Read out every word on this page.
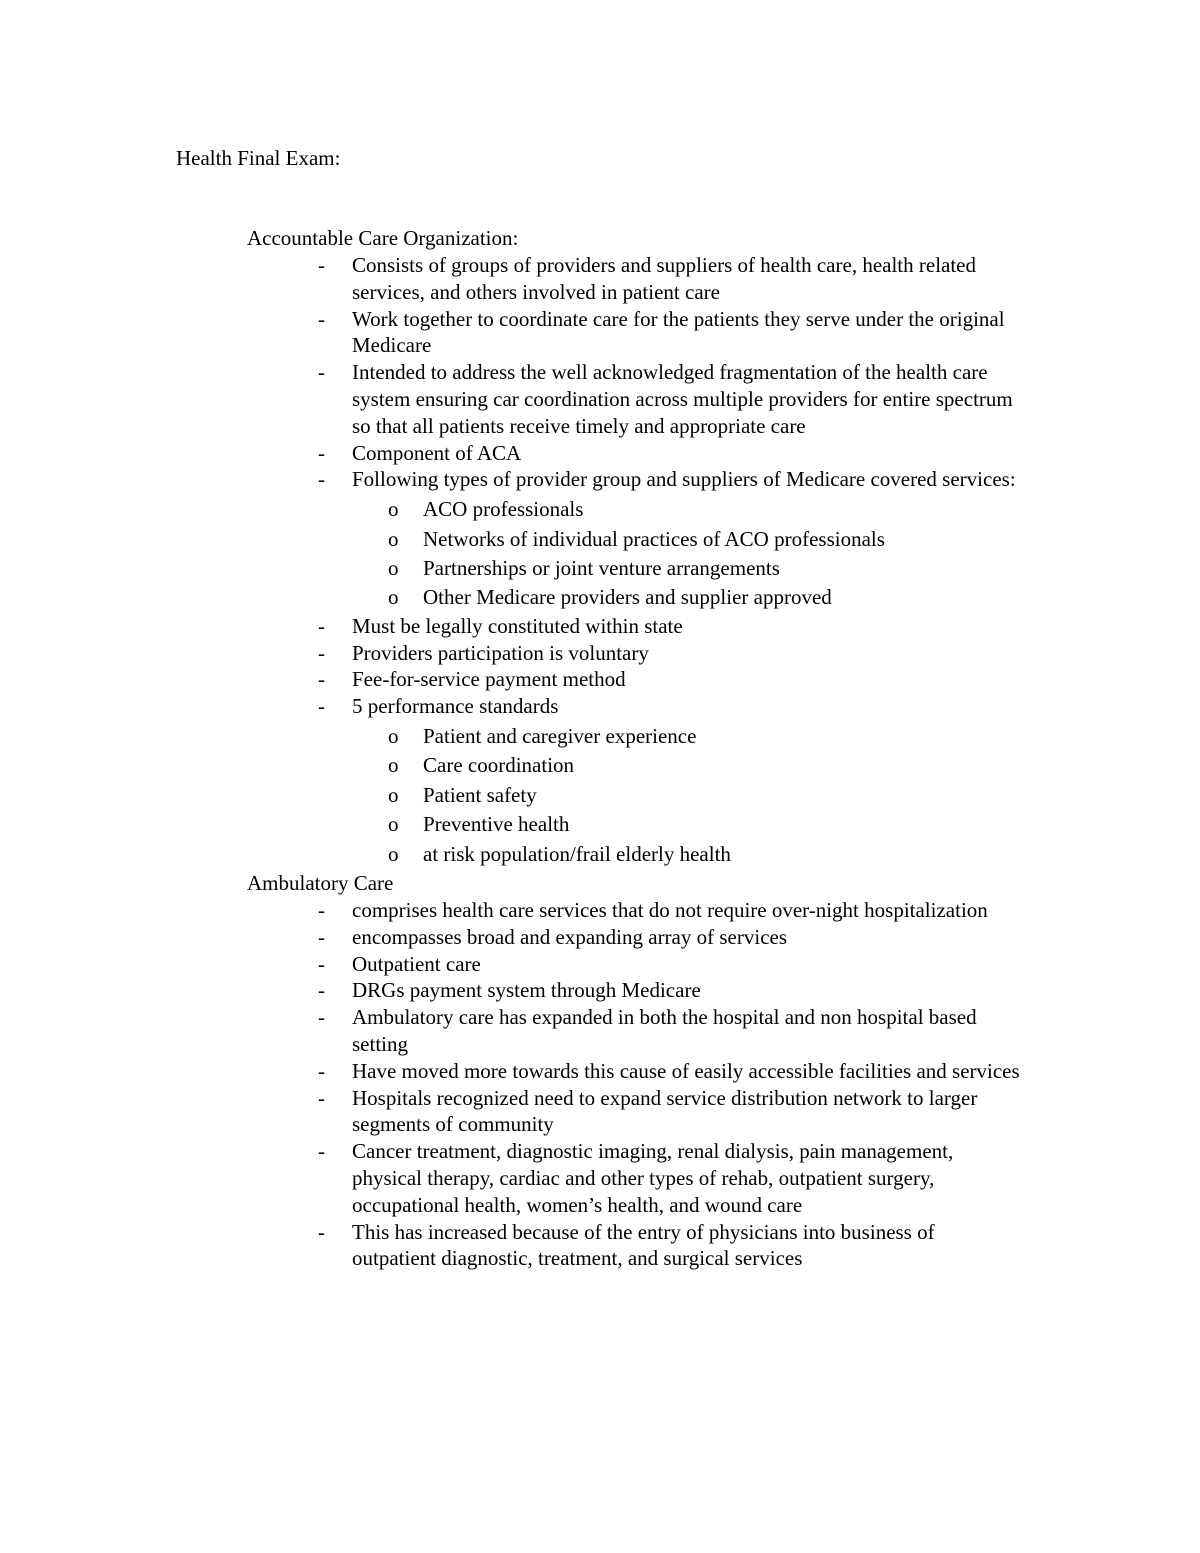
Health Final Exam:
Accountable Care Organization:
- Consists of groups of providers and suppliers of health care, health related services, and others involved in patient care
- Work together to coordinate care for the patients they serve under the original Medicare
- Intended to address the well acknowledged fragmentation of the health care system ensuring car coordination across multiple providers for entire spectrum so that all patients receive timely and appropriate care
- Component of ACA
- Following types of provider group and suppliers of Medicare covered services:
o ACO professionals
o Networks of individual practices of ACO professionals
o Partnerships or joint venture arrangements
o Other Medicare providers and supplier approved
- Must be legally constituted within state
- Providers participation is voluntary
- Fee-for-service payment method
- 5 performance standards
o Patient and caregiver experience
o Care coordination
o Patient safety
o Preventive health
o at risk population/frail elderly health
Ambulatory Care
- comprises health care services that do not require over-night hospitalization
- encompasses broad and expanding array of services
- Outpatient care
- DRGs payment system through Medicare
- Ambulatory care has expanded in both the hospital and non hospital based setting
- Have moved more towards this cause of easily accessible facilities and services
- Hospitals recognized need to expand service distribution network to larger segments of community
- Cancer treatment, diagnostic imaging, renal dialysis, pain management, physical therapy, cardiac and other types of rehab, outpatient surgery, occupational health, women’s health, and wound care
- This has increased because of the entry of physicians into business of outpatient diagnostic, treatment, and surgical services
